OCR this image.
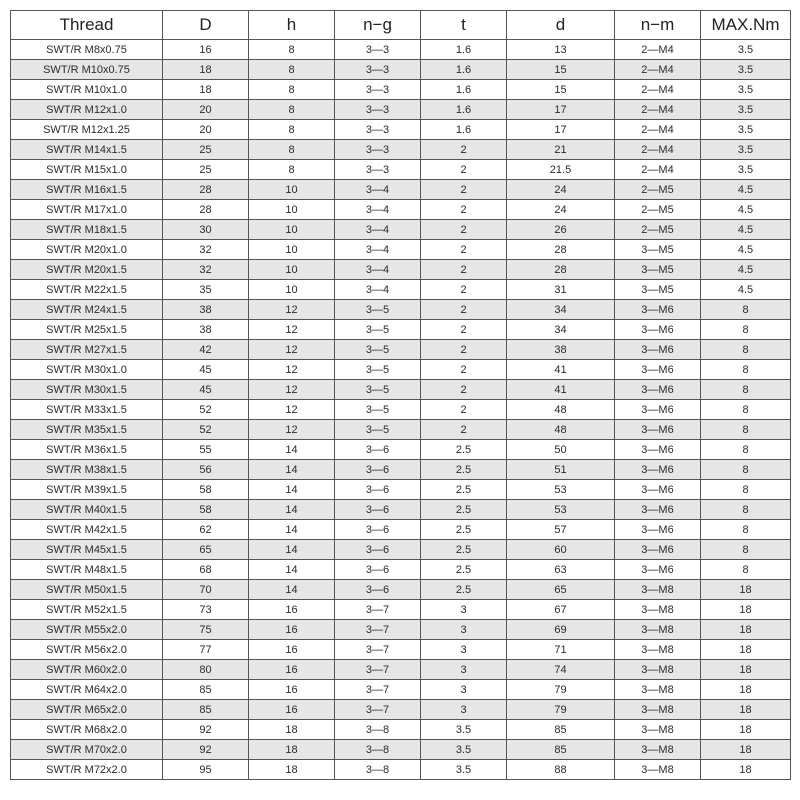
Thread	D	h	n−g	t	d	n−m	MAX.Nm
SWT/R M8x0.75	16	8	3—3	1.6	13	2—M4	3.5
SWT/R M10x0.75	18	8	3—3	1.6	15	2—M4	3.5
SWT/R M10x1.0	18	8	3—3	1.6	15	2—M4	3.5
SWT/R M12x1.0	20	8	3—3	1.6	17	2—M4	3.5
SWT/R M12x1.25	20	8	3—3	1.6	17	2—M4	3.5
SWT/R M14x1.5	25	8	3—3	2	21	2—M4	3.5
SWT/R M15x1.0	25	8	3—3	2	21.5	2—M4	3.5
SWT/R M16x1.5	28	10	3—4	2	24	2—M5	4.5
SWT/R M17x1.0	28	10	3—4	2	24	2—M5	4.5
SWT/R M18x1.5	30	10	3—4	2	26	2—M5	4.5
SWT/R M20x1.0	32	10	3—4	2	28	3—M5	4.5
SWT/R M20x1.5	32	10	3—4	2	28	3—M5	4.5
SWT/R M22x1.5	35	10	3—4	2	31	3—M5	4.5
SWT/R M24x1.5	38	12	3—5	2	34	3—M6	8
SWT/R M25x1.5	38	12	3—5	2	34	3—M6	8
SWT/R M27x1.5	42	12	3—5	2	38	3—M6	8
SWT/R M30x1.0	45	12	3—5	2	41	3—M6	8
SWT/R M30x1.5	45	12	3—5	2	41	3—M6	8
SWT/R M33x1.5	52	12	3—5	2	48	3—M6	8
SWT/R M35x1.5	52	12	3—5	2	48	3—M6	8
SWT/R M36x1.5	55	14	3—6	2.5	50	3—M6	8
SWT/R M38x1.5	56	14	3—6	2.5	51	3—M6	8
SWT/R M39x1.5	58	14	3—6	2.5	53	3—M6	8
SWT/R M40x1.5	58	14	3—6	2.5	53	3—M6	8
SWT/R M42x1.5	62	14	3—6	2.5	57	3—M6	8
SWT/R M45x1.5	65	14	3—6	2.5	60	3—M6	8
SWT/R M48x1.5	68	14	3—6	2.5	63	3—M6	8
SWT/R M50x1.5	70	14	3—6	2.5	65	3—M8	18
SWT/R M52x1.5	73	16	3—7	3	67	3—M8	18
SWT/R M55x2.0	75	16	3—7	3	69	3—M8	18
SWT/R M56x2.0	77	16	3—7	3	71	3—M8	18
SWT/R M60x2.0	80	16	3—7	3	74	3—M8	18
SWT/R M64x2.0	85	16	3—7	3	79	3—M8	18
SWT/R M65x2.0	85	16	3—7	3	79	3—M8	18
SWT/R M68x2.0	92	18	3—8	3.5	85	3—M8	18
SWT/R M70x2.0	92	18	3—8	3.5	85	3—M8	18
SWT/R M72x2.0	95	18	3—8	3.5	88	3—M8	18
